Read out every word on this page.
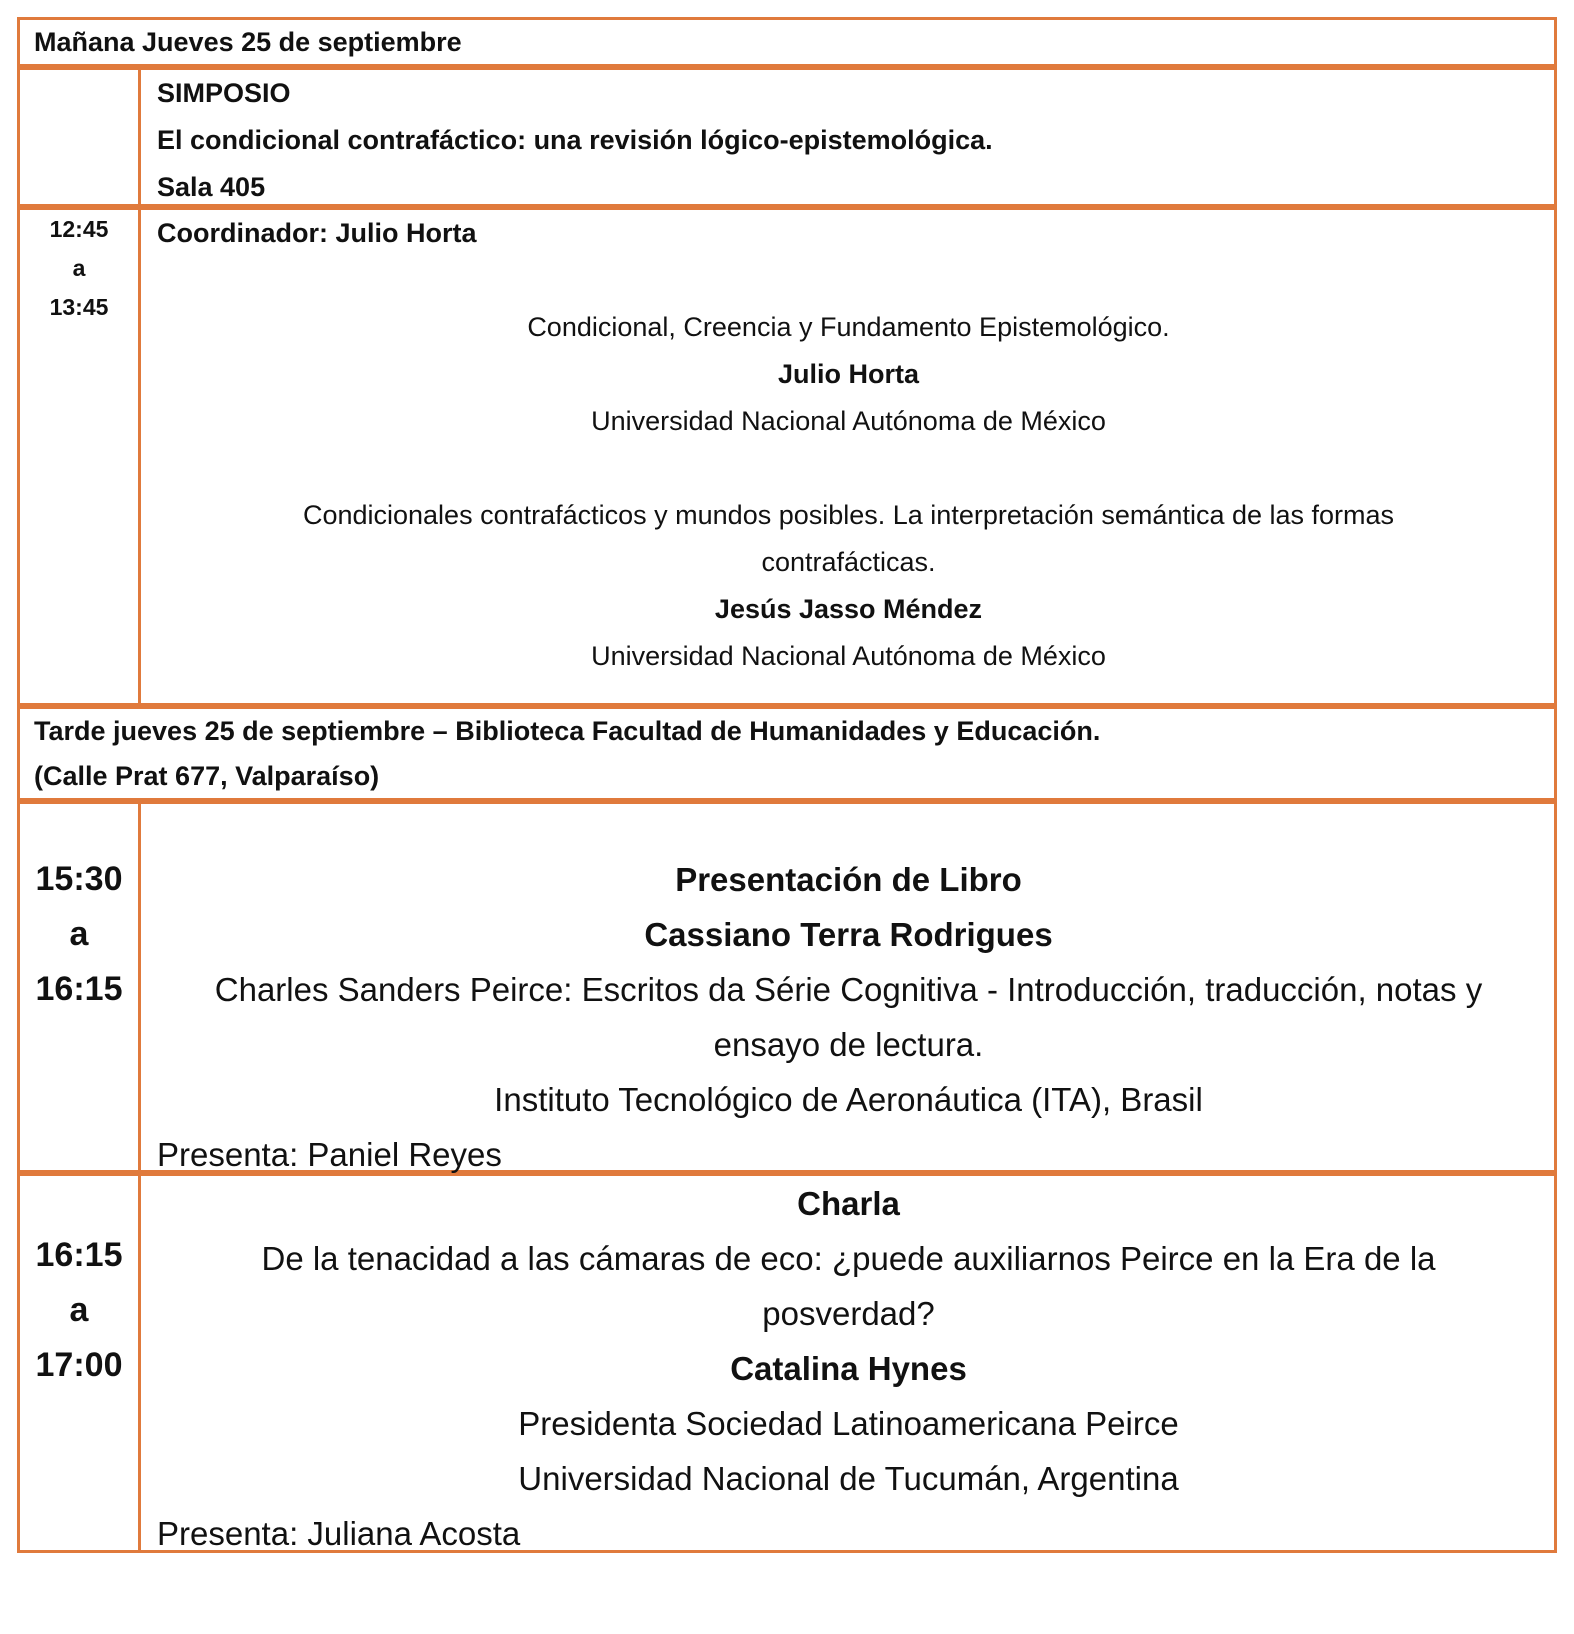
Mañana Jueves 25 de septiembre
SIMPOSIO
El condicional contrafáctico: una revisión lógico-epistemológica.
Sala 405
12:45
a
13:45
Coordinador: Julio Horta
Condicional, Creencia y Fundamento Epistemológico.
Julio Horta
Universidad Nacional Autónoma de México
Condicionales contrafácticos y mundos posibles. La interpretación semántica de las formas
contrafácticas.
Jesús Jasso Méndez
Universidad Nacional Autónoma de México
Tarde jueves 25 de septiembre – Biblioteca Facultad de Humanidades y Educación.
(Calle Prat 677, Valparaíso)
15:30
a
16:15
Presentación de Libro
Cassiano Terra Rodrigues
Charles Sanders Peirce: Escritos da Série Cognitiva - Introducción, traducción, notas y
ensayo de lectura.
Instituto Tecnológico de Aeronáutica (ITA), Brasil
Presenta: Paniel Reyes
16:15
a
17:00
Charla
De la tenacidad a las cámaras de eco: ¿puede auxiliarnos Peirce en la Era de la
posverdad?
Catalina Hynes
Presidenta Sociedad Latinoamericana Peirce
Universidad Nacional de Tucumán, Argentina
Presenta: Juliana Acosta
